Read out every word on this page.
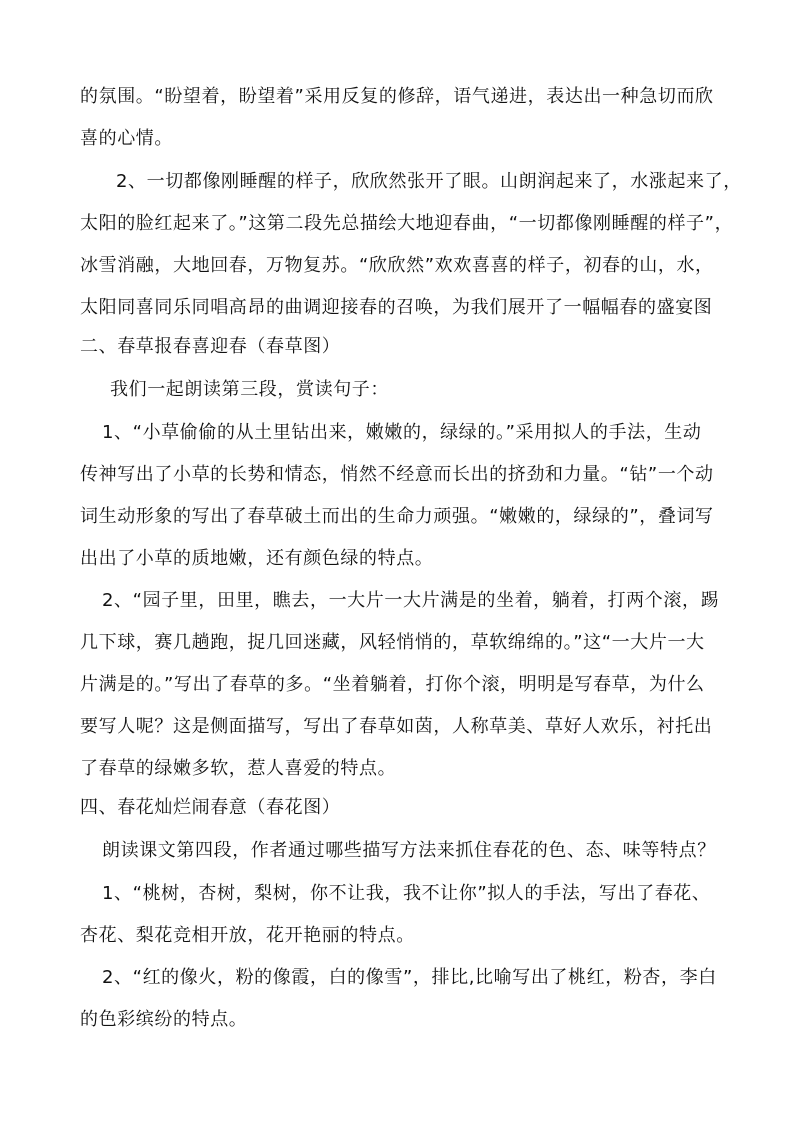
的氛围。“盼望着，盼望着”采用反复的修辞，语气递进，表达出一种急切而欣
喜的心情。
2、一切都像刚睡醒的样子，欣欣然张开了眼。山朗润起来了，水涨起来了，
太阳的脸红起来了。”这第二段先总描绘大地迎春曲，“一切都像刚睡醒的样子”，
冰雪消融，大地回春，万物复苏。“欣欣然”欢欢喜喜的样子，初春的山，水，
太阳同喜同乐同唱高昂的曲调迎接春的召唤，为我们展开了一幅幅春的盛宴图
二、春草报春喜迎春（春草图）
我们一起朗读第三段，赏读句子：
1、“小草偷偷的从土里钻出来，嫩嫩的，绿绿的。”采用拟人的手法，生动
传神写出了小草的长势和情态，悄然不经意而长出的挤劲和力量。“钻”一个动
词生动形象的写出了春草破土而出的生命力顽强。“嫩嫩的，绿绿的”，叠词写
出出了小草的质地嫩，还有颜色绿的特点。
2、“园子里，田里，瞧去，一大片一大片满是的坐着，躺着，打两个滚，踢
几下球，赛几趟跑，捉几回迷藏，风轻悄悄的，草软绵绵的。”这“一大片一大
片满是的。”写出了春草的多。“坐着躺着，打你个滚，明明是写春草，为什么
要写人呢？这是侧面描写，写出了春草如茵，人称草美、草好人欢乐，衬托出
了春草的绿嫩多软，惹人喜爱的特点。
四、春花灿烂闹春意（春花图）
朗读课文第四段，作者通过哪些描写方法来抓住春花的色、态、味等特点？
1、“桃树，杏树，梨树，你不让我，我不让你”拟人的手法，写出了春花、
杏花、梨花竞相开放，花开艳丽的特点。
2、“红的像火，粉的像霞，白的像雪”，排比,比喻写出了桃红，粉杏，李白
的色彩缤纷的特点。
